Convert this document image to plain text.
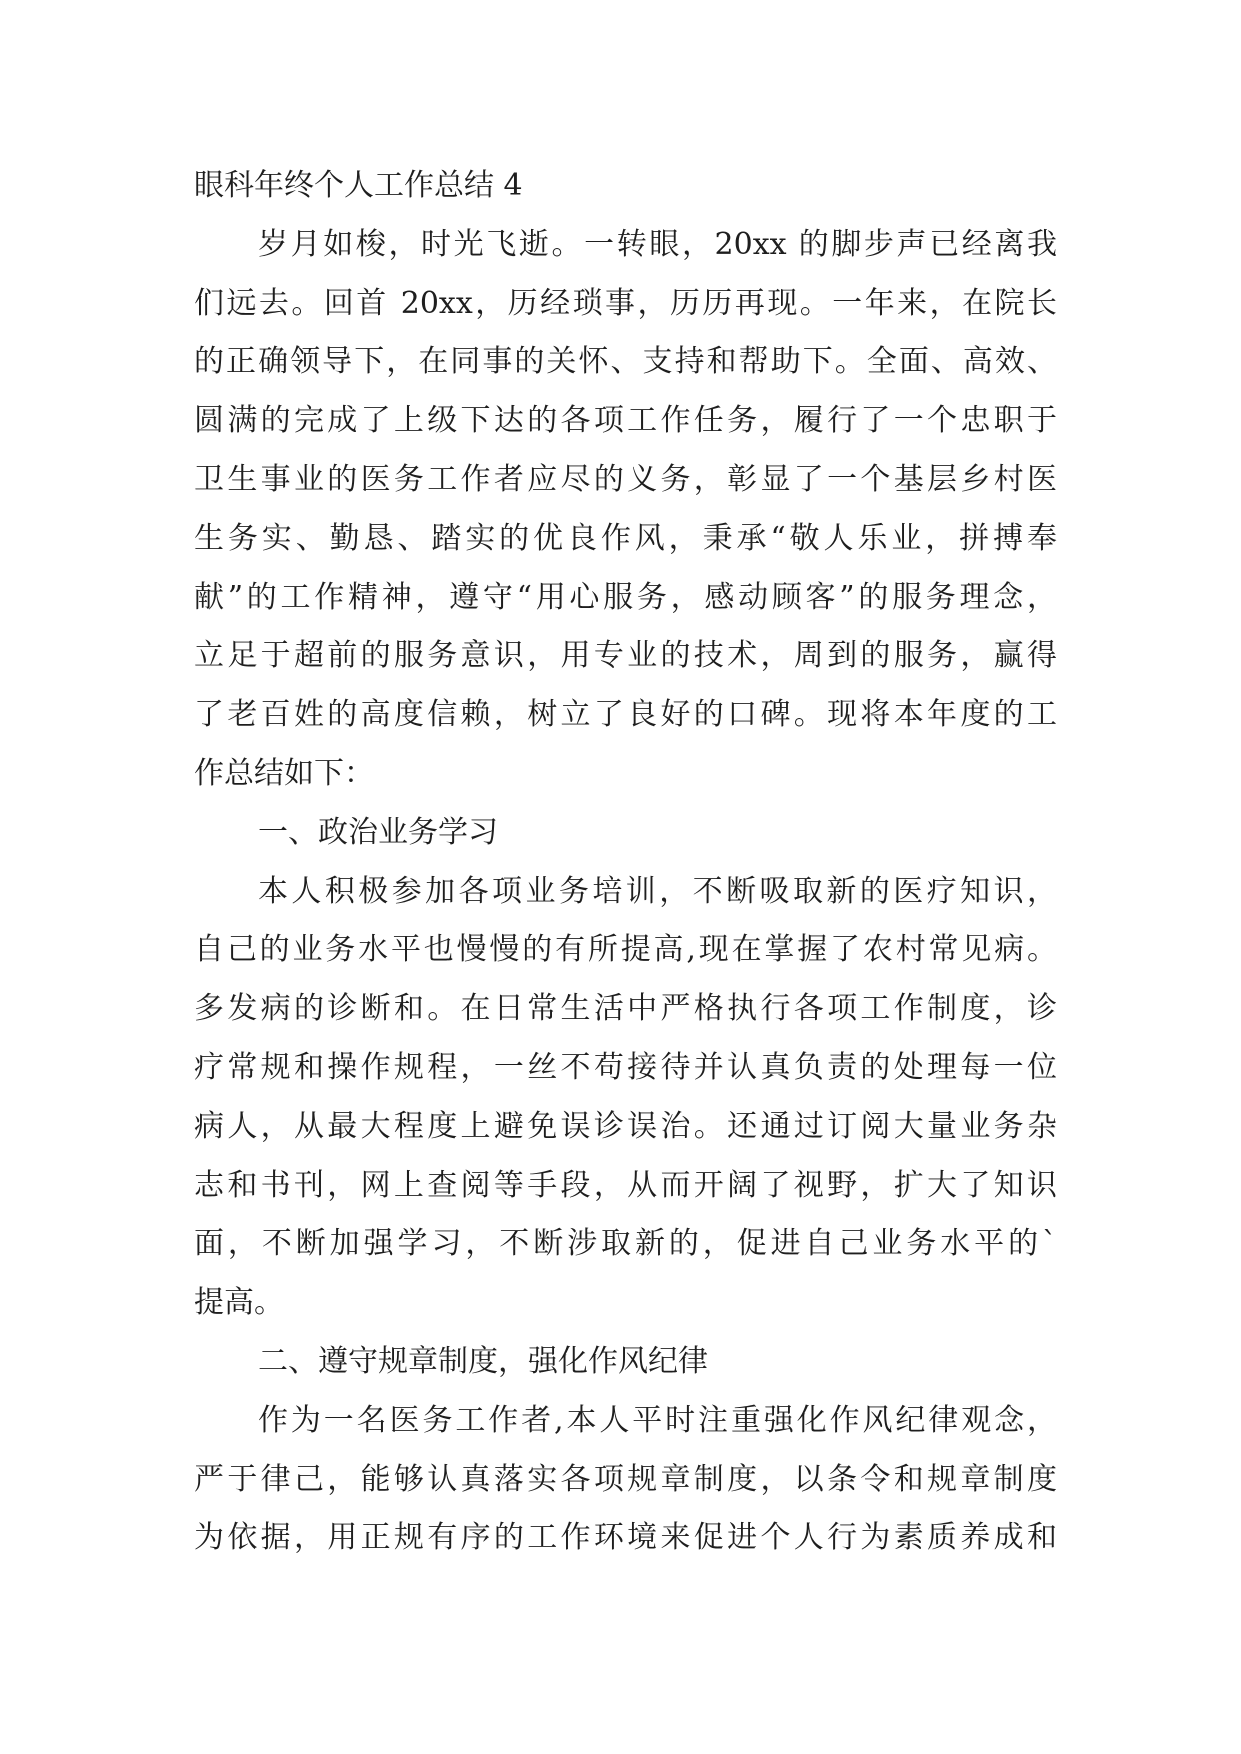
眼科年终个人工作总结 4
岁月如梭，时光飞逝。一转眼，20xx 的脚步声已经离我
们远去。回首 20xx，历经琐事，历历再现。一年来，在院长
的正确领导下，在同事的关怀、支持和帮助下。全面、高效、
圆满的完成了上级下达的各项工作任务，履行了一个忠职于
卫生事业的医务工作者应尽的义务，彰显了一个基层乡村医
生务实、勤恳、踏实的优良作风，秉承“敬人乐业，拼搏奉
献”的工作精神，遵守“用心服务，感动顾客”的服务理念，
立足于超前的服务意识，用专业的技术，周到的服务，赢得
了老百姓的高度信赖，树立了良好的口碑。现将本年度的工
作总结如下：
一、政治业务学习
本人积极参加各项业务培训，不断吸取新的医疗知识，
自己的业务水平也慢慢的有所提高,现在掌握了农村常见病。
多发病的诊断和。在日常生活中严格执行各项工作制度，诊
疗常规和操作规程，一丝不苟接待并认真负责的处理每一位
病人，从最大程度上避免误诊误治。还通过订阅大量业务杂
志和书刊，网上查阅等手段，从而开阔了视野，扩大了知识
面，不断加强学习，不断涉取新的，促进自己业务水平的`
提高。
二、遵守规章制度，强化作风纪律
作为一名医务工作者,本人平时注重强化作风纪律观念，
严于律己，能够认真落实各项规章制度，以条令和规章制度
为依据，用正规有序的工作环境来促进个人行为素质养成和
